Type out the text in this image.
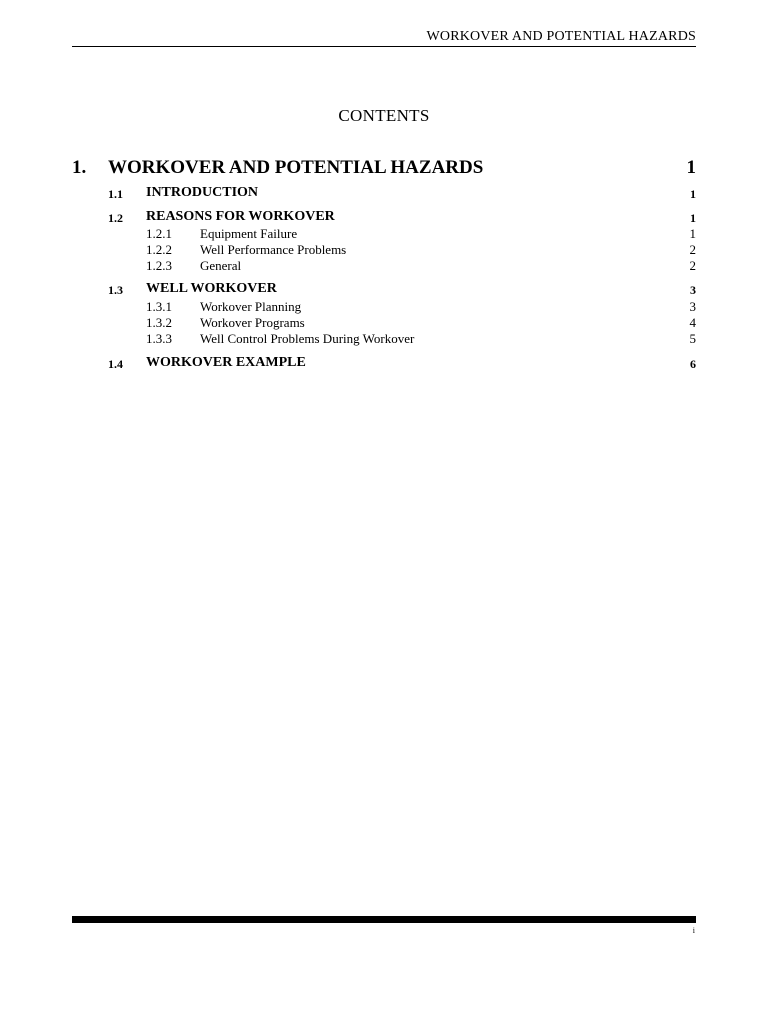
WORKOVER AND POTENTIAL HAZARDS
CONTENTS
1. WORKOVER AND POTENTIAL HAZARDS	1
1.1 INTRODUCTION	1
1.2 REASONS FOR WORKOVER	1
1.2.1 Equipment Failure	1
1.2.2 Well Performance Problems	2
1.2.3 General	2
1.3 WELL WORKOVER	3
1.3.1 Workover Planning	3
1.3.2 Workover Programs	4
1.3.3 Well Control Problems During Workover	5
1.4 WORKOVER EXAMPLE	6
i
